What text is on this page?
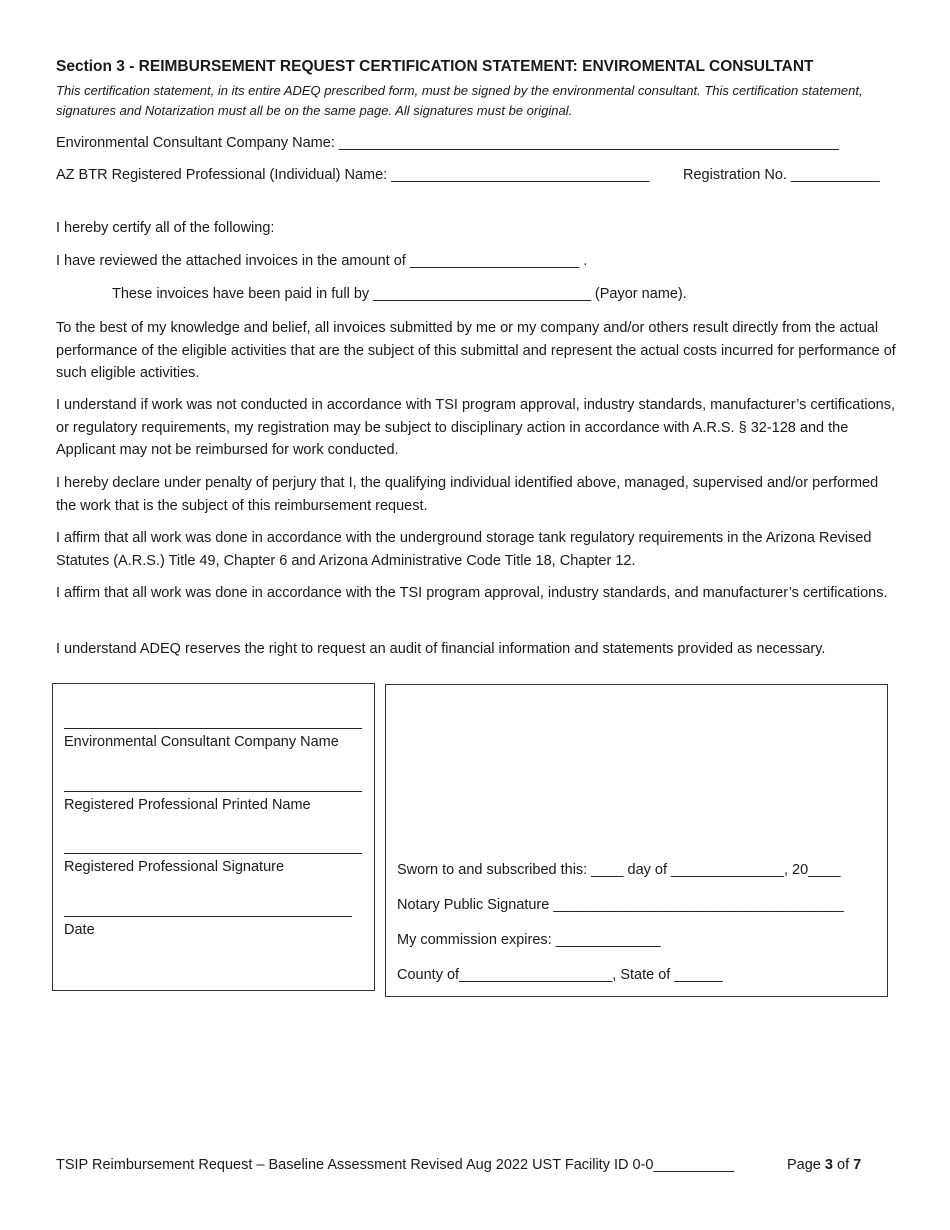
Section 3 - REIMBURSEMENT REQUEST CERTIFICATION STATEMENT: ENVIROMENTAL CONSULTANT
This certification statement, in its entire ADEQ prescribed form, must be signed by the environmental consultant. This certification statement, signatures and Notarization must all be on the same page. All signatures must be original.
Environmental Consultant Company Name: ______________________________________________________________
AZ BTR Registered Professional (Individual) Name: ________________________________ Registration No. ___________
I hereby certify all of the following:
I have reviewed the attached invoices in the amount of _____________________ .
These invoices have been paid in full by ___________________________ (Payor name).
To the best of my knowledge and belief, all invoices submitted by me or my company and/or others result directly from the actual performance of the eligible activities that are the subject of this submittal and represent the actual costs incurred for performance of such eligible activities.
I understand if work was not conducted in accordance with TSI program approval, industry standards, manufacturer’s certifications, or regulatory requirements, my registration may be subject to disciplinary action in accordance with A.R.S. § 32-128 and the Applicant may not be reimbursed for work conducted.
I hereby declare under penalty of perjury that I, the qualifying individual identified above, managed, supervised and/or performed the work that is the subject of this reimbursement request.
I affirm that all work was done in accordance with the underground storage tank regulatory requirements in the Arizona Revised Statutes (A.R.S.) Title 49, Chapter 6 and Arizona Administrative Code Title 18, Chapter 12.
I affirm that all work was done in accordance with the TSI program approval, industry standards, and manufacturer’s certifications.
I understand ADEQ reserves the right to request an audit of financial information and statements provided as necessary.
Environmental Consultant Company Name
Registered Professional Printed Name
Registered Professional Signature
Date
Sworn to and subscribed this: ____ day of ______________, 20____
Notary Public Signature ____________________________________
My commission expires: _____________
County of___________________, State of ______
TSIP Reimbursement Request – Baseline Assessment Revised Aug 2022 UST Facility ID 0-0__________	Page 3 of 7
